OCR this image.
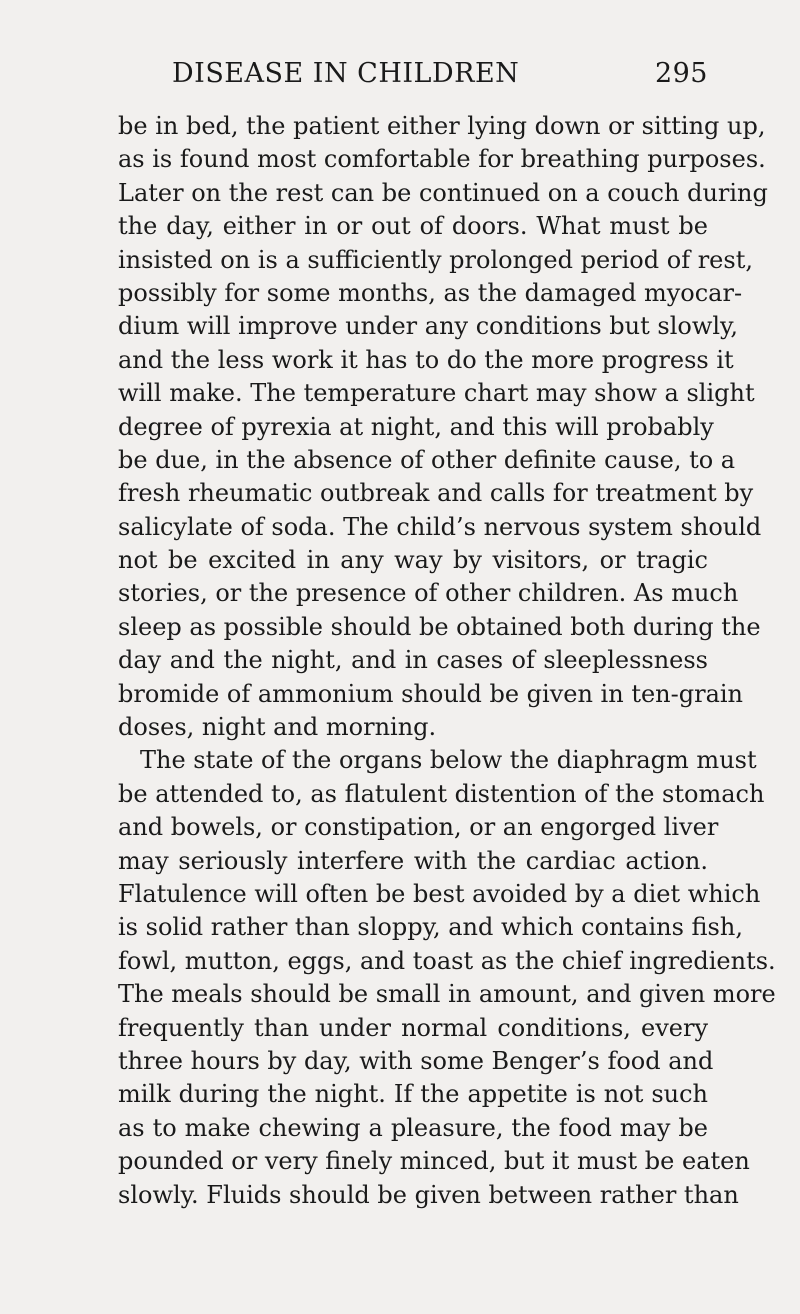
DISEASE IN CHILDREN	295
be in bed, the patient either lying down or sitting up,
as is found most comfortable for breathing purposes.
Later on the rest can be continued on a couch during
the day, either in or out of doors. What must be
insisted on is a sufficiently prolonged period of rest,
possibly for some months, as the damaged myocar-
dium will improve under any conditions but slowly,
and the less work it has to do the more progress it
will make. The temperature chart may show a slight
degree of pyrexia at night, and this will probably
be due, in the absence of other definite cause, to a
fresh rheumatic outbreak and calls for treatment by
salicylate of soda. The child’s nervous system should
not be excited in any way by visitors, or tragic
stories, or the presence of other children. As much
sleep as possible should be obtained both during the
day and the night, and in cases of sleeplessness
bromide of ammonium should be given in ten-grain
doses, night and morning.
The state of the organs below the diaphragm must
be attended to, as flatulent distention of the stomach
and bowels, or constipation, or an engorged liver
may seriously interfere with the cardiac action.
Flatulence will often be best avoided by a diet which
is solid rather than sloppy, and which contains fish,
fowl, mutton, eggs, and toast as the chief ingredients.
The meals should be small in amount, and given more
frequently than under normal conditions, every
three hours by day, with some Benger’s food and
milk during the night. If the appetite is not such
as to make chewing a pleasure, the food may be
pounded or very finely minced, but it must be eaten
slowly. Fluids should be given between rather than
